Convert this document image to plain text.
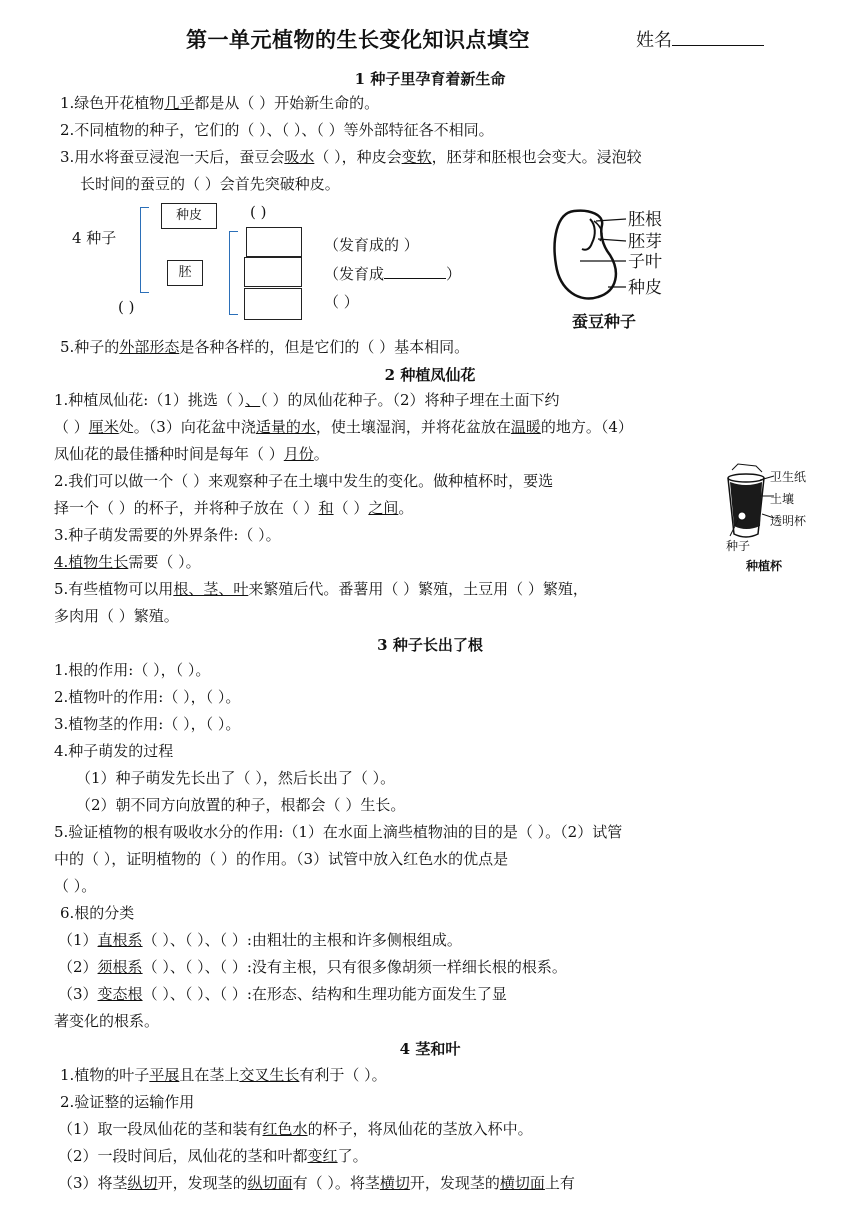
第一单元植物的生长变化知识点填空	姓名
1 种子里孕育着新生命
1.绿色开花植物几乎都是从（ ）开始新生命的。
2.不同植物的种子，它们的（ ）、（ ）、（ ）等外部特征各不相同。
3.用水将蚕豆浸泡一天后，蚕豆会吸水（ ），种皮会变软，胚芽和胚根也会变大。浸泡较
长时间的蚕豆的（ ）会首先突破种皮。
4 种子
种皮	( )
胚
( )
（发育成的 ）
（发育成	）
（ ）
胚根
胚芽
子叶
种皮
蚕豆种子
5.种子的外部形态是各种各样的，但是它们的（ ）基本相同。
2 种植凤仙花
1.种植凤仙花:（1）挑选（ ）、（ ）的凤仙花种子。（2）将种子埋在土面下约
（ ）厘米处。（3）向花盆中浇适量的水，使土壤湿润，并将花盆放在温暖的地方。（4）
凤仙花的最佳播种时间是每年（ ）月份。
2.我们可以做一个（ ）来观察种子在土壤中发生的变化。做种植杯时，要选
择一个（ ）的杯子，并将种子放在（ ）和（ ）之间。
3.种子萌发需要的外界条件:（ ）。
4.植物生长需要（ ）。
5.有些植物可以用根、茎、叶来繁殖后代。番薯用（ ）繁殖，土豆用（ ）繁殖，
多肉用（ ）繁殖。
卫生纸
土壤
透明杯
种子
种植杯
3 种子长出了根
1.根的作用:（ ），（ ）。
2.植物叶的作用:（ ），（ ）。
3.植物茎的作用:（ ），（ ）。
4.种子萌发的过程
（1）种子萌发先长出了（ ），然后长出了（ ）。
（2）朝不同方向放置的种子，根都会（ ）生长。
5.验证植物的根有吸收水分的作用:（1）在水面上滴些植物油的目的是（ ）。（2）试管
中的（ ），证明植物的（ ）的作用。（3）试管中放入红色水的优点是
（ ）。
6.根的分类
（1）直根系（ ）、（ ）、（ ）:由粗壮的主根和许多侧根组成。
（2）须根系（ ）、（ ）、（ ）:没有主根，只有很多像胡须一样细长根的根系。
（3）变态根（ ）、（ ）、（ ）:在形态、结构和生理功能方面发生了显
著变化的根系。
4 茎和叶
1.植物的叶子平展且在茎上交叉生长有利于（ ）。
2.验证整的运输作用
（1）取一段凤仙花的茎和装有红色水的杯子，将凤仙花的茎放入杯中。
（2）一段时间后，凤仙花的茎和叶都变红了。
（3）将茎纵切开，发现茎的纵切面有（ ）。将茎横切开，发现茎的横切面上有
